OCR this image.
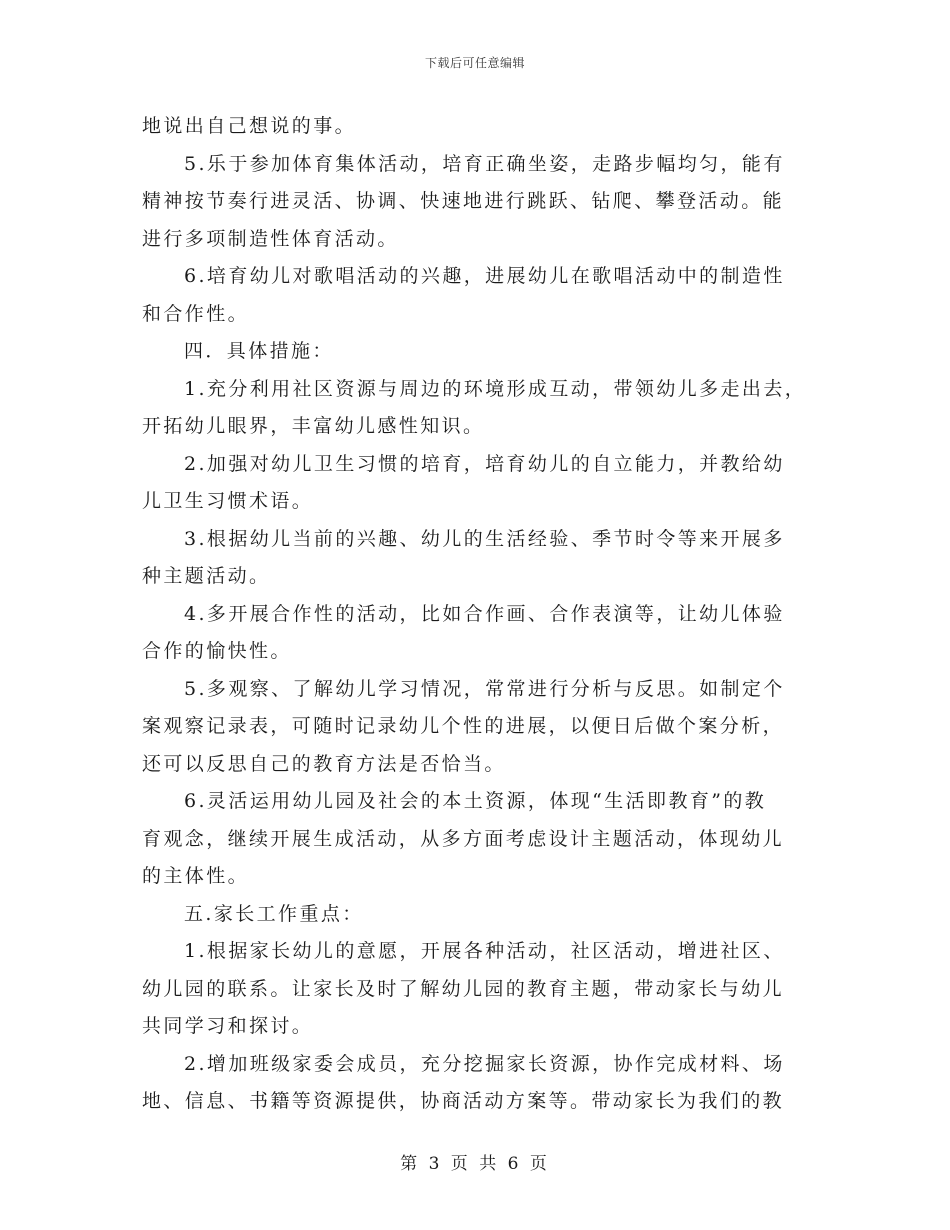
下载后可任意编辑
地说出自己想说的事。
5.乐于参加体育集体活动，培育正确坐姿，走路步幅均匀，能有
精神按节奏行进灵活、协调、快速地进行跳跃、钻爬、攀登活动。能
进行多项制造性体育活动。
6.培育幼儿对歌唱活动的兴趣，进展幼儿在歌唱活动中的制造性
和合作性。
四．具体措施：
1.充分利用社区资源与周边的环境形成互动，带领幼儿多走出去，
开拓幼儿眼界，丰富幼儿感性知识。
2.加强对幼儿卫生习惯的培育，培育幼儿的自立能力，并教给幼
儿卫生习惯术语。
3.根据幼儿当前的兴趣、幼儿的生活经验、季节时令等来开展多
种主题活动。
4.多开展合作性的活动，比如合作画、合作表演等，让幼儿体验
合作的愉快性。
5.多观察、了解幼儿学习情况，常常进行分析与反思。如制定个
案观察记录表，可随时记录幼儿个性的进展，以便日后做个案分析，
还可以反思自己的教育方法是否恰当。
6.灵活运用幼儿园及社会的本土资源，体现“生活即教育”的教
育观念，继续开展生成活动，从多方面考虑设计主题活动，体现幼儿
的主体性。
五.家长工作重点：
1.根据家长幼儿的意愿，开展各种活动，社区活动，增进社区、
幼儿园的联系。让家长及时了解幼儿园的教育主题，带动家长与幼儿
共同学习和探讨。
2.增加班级家委会成员，充分挖掘家长资源，协作完成材料、场
地、信息、书籍等资源提供，协商活动方案等。带动家长为我们的教
第 3 页 共 6 页
